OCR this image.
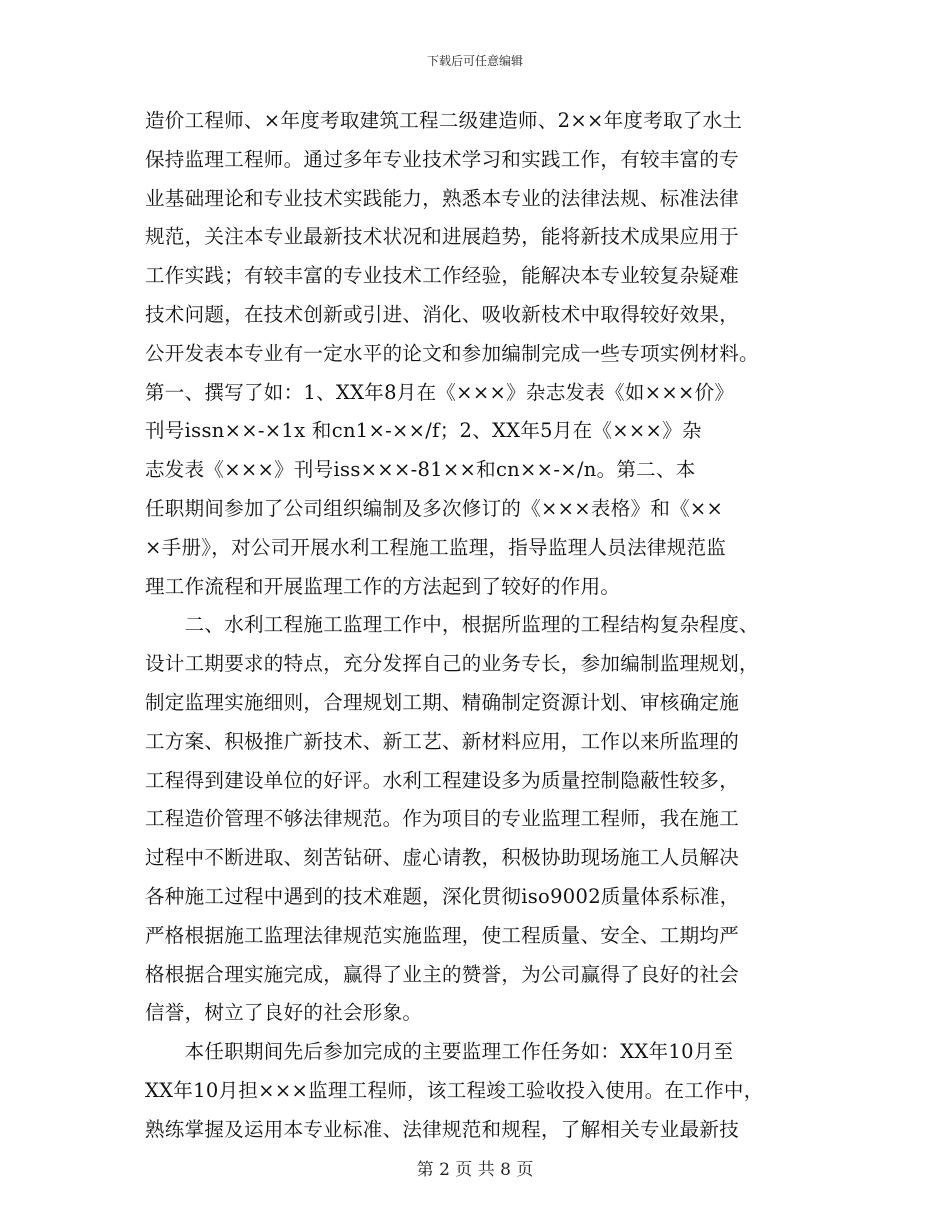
下载后可任意编辑
造价工程师、×年度考取建筑工程二级建造师、2××年度考取了水土
保持监理工程师。通过多年专业技术学习和实践工作，有较丰富的专
业基础理论和专业技术实践能力，熟悉本专业的法律法规、标准法律
规范，关注本专业最新技术状况和进展趋势，能将新技术成果应用于
工作实践；有较丰富的专业技术工作经验，能解决本专业较复杂疑难
技术问题，在技术创新或引进、消化、吸收新枝术中取得较好效果，
公开发表本专业有一定水平的论文和参加编制完成一些专项实例材料。
第一、撰写了如：1、XX年8月在《×××》杂志发表《如×××价》
刊号issn××-×1x 和cn1×-××/f；2、XX年5月在《×××》杂
志发表《×××》刊号iss×××-81××和cn××-×/n。第二、本
任职期间参加了公司组织编制及多次修订的《×××表格》和《××
×手册》，对公司开展水利工程施工监理，指导监理人员法律规范监
理工作流程和开展监理工作的方法起到了较好的作用。
　　二、水利工程施工监理工作中，根据所监理的工程结构复杂程度、
设计工期要求的特点，充分发挥自己的业务专长，参加编制监理规划，
制定监理实施细则，合理规划工期、精确制定资源计划、审核确定施
工方案、积极推广新技术、新工艺、新材料应用，工作以来所监理的
工程得到建设单位的好评。水利工程建设多为质量控制隐蔽性较多，
工程造价管理不够法律规范。作为项目的专业监理工程师，我在施工
过程中不断进取、刻苦钻研、虚心请教，积极协助现场施工人员解决
各种施工过程中遇到的技术难题，深化贯彻iso9002质量体系标准，
严格根据施工监理法律规范实施监理，使工程质量、安全、工期均严
格根据合理实施完成，赢得了业主的赞誉，为公司赢得了良好的社会
信誉，树立了良好的社会形象。
　　本任职期间先后参加完成的主要监理工作任务如：XX年10月至
XX年10月担×××监理工程师，该工程竣工验收投入使用。在工作中，
熟练掌握及运用本专业标准、法律规范和规程，了解相关专业最新技
第 2 页 共 8 页
